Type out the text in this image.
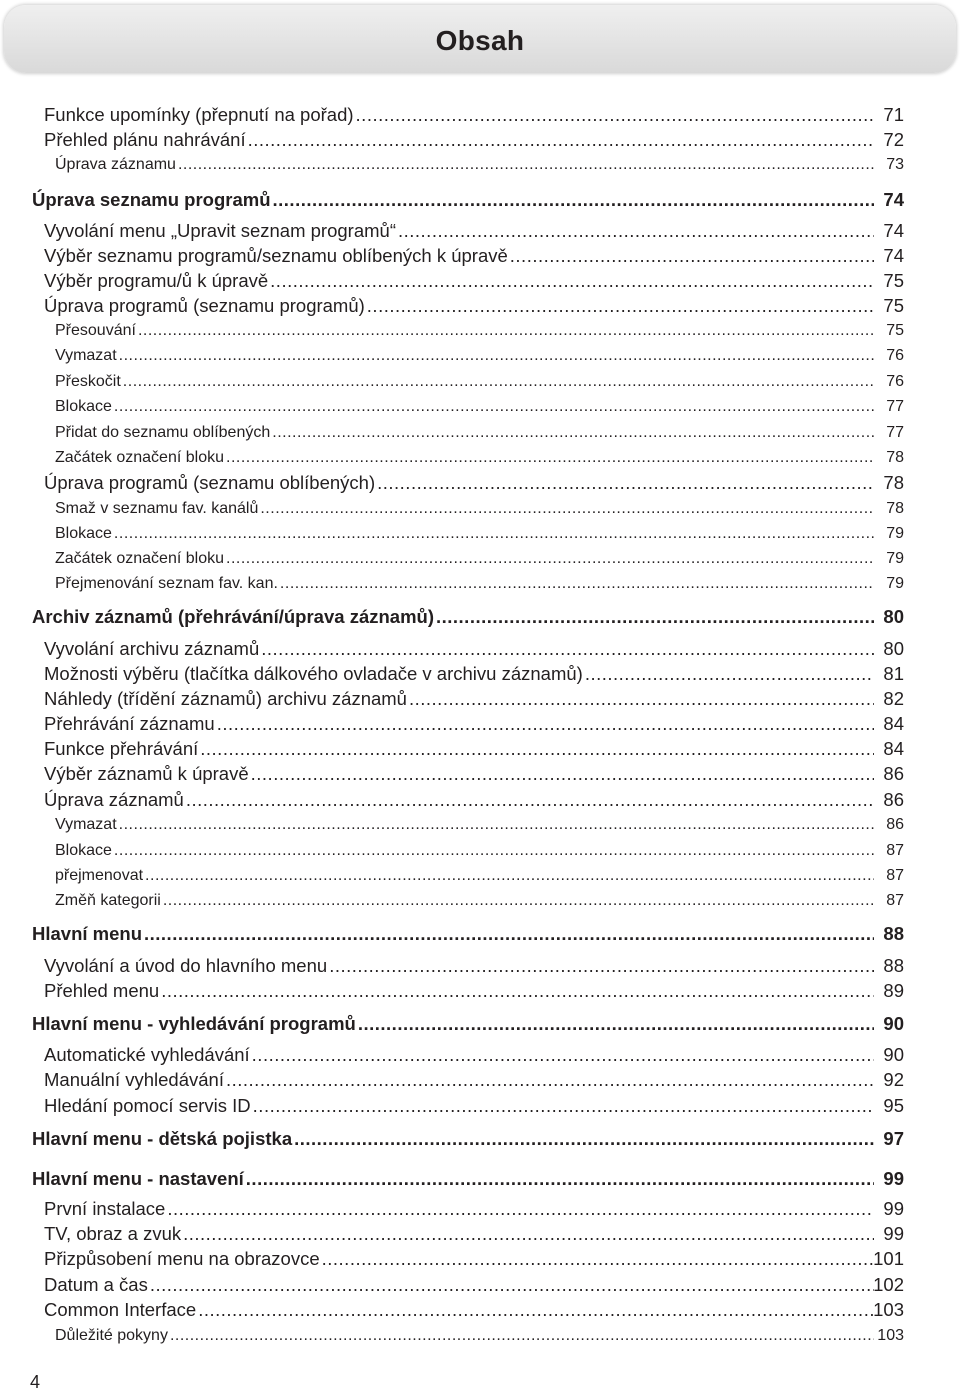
Obsah
Funkce upomínky (přepnutí na pořad) .....	71
Přehled plánu nahrávání .....	72
Úprava záznamu .....	73
Úprava seznamu programů .....	74
Vyvolání menu „Upravit seznam programů“ .....	74
Výběr seznamu programů/seznamu oblíbených k úpravě .....	74
Výběr programu/ů k úpravě .....	75
Úprava programů (seznamu programů) .....	75
Přesouvání .....	75
Vymazat .....	76
Přeskočit .....	76
Blokace .....	77
Přidat do seznamu oblíbených .....	77
Začátek označení bloku .....	78
Úprava programů (seznamu oblíbených) .....	78
Smaž v seznamu fav. kanálů .....	78
Blokace .....	79
Začátek označení bloku .....	79
Přejmenování seznam fav. kan. .....	79
Archiv záznamů (přehrávání/úprava záznamů) .....	80
Vyvolání archivu záznamů .....	80
Možnosti výběru (tlačítka dálkového ovladače v archivu záznamů) .....	81
Náhledy (třídění záznamů) archivu záznamů .....	82
Přehrávání záznamu .....	84
Funkce přehrávání .....	84
Výběr záznamů k úpravě .....	86
Úprava záznamů .....	86
Vymazat .....	86
Blokace .....	87
přejmenovat .....	87
Změň kategorii .....	87
Hlavní menu .....	88
Vyvolání a úvod do hlavního menu .....	88
Přehled menu .....	89
Hlavní menu - vyhledávání programů .....	90
Automatické vyhledávání .....	90
Manuální vyhledávání .....	92
Hledání pomocí servis ID .....	95
Hlavní menu - dětská pojistka .....	97
Hlavní menu - nastavení .....	99
První instalace .....	99
TV, obraz a zvuk .....	99
Přizpůsobení menu na obrazovce .....	101
Datum a čas .....	102
Common Interface .....	103
Důležité pokyny .....	103
4
